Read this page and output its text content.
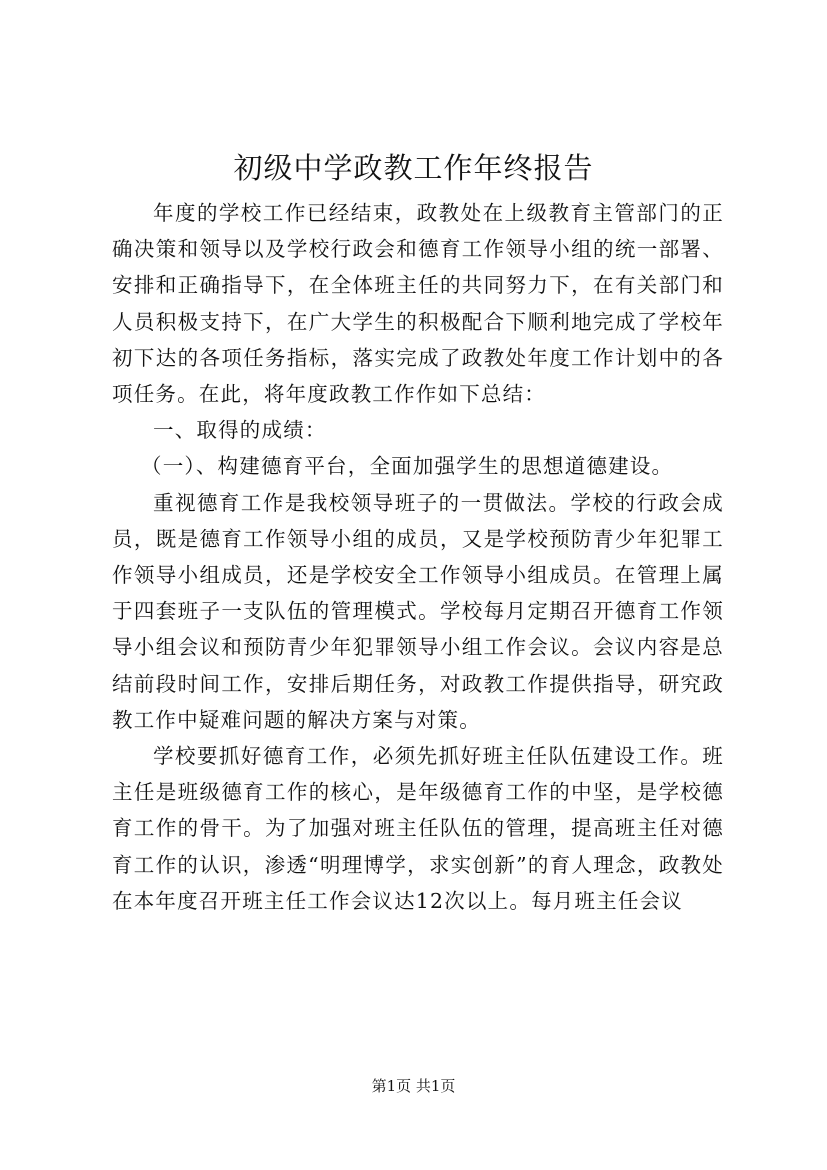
初级中学政教工作年终报告

年度的学校工作已经结束，政教处在上级教育主管部门的正确决策和领导以及学校行政会和德育工作领导小组的统一部署、安排和正确指导下，在全体班主任的共同努力下，在有关部门和人员积极支持下，在广大学生的积极配合下顺利地完成了学校年初下达的各项任务指标，落实完成了政教处年度工作计划中的各项任务。在此，将年度政教工作作如下总结：

一、取得的成绩：

（一）、构建德育平台，全面加强学生的思想道德建设。

重视德育工作是我校领导班子的一贯做法。学校的行政会成员，既是德育工作领导小组的成员，又是学校预防青少年犯罪工作领导小组成员，还是学校安全工作领导小组成员。在管理上属于四套班子一支队伍的管理模式。学校每月定期召开德育工作领导小组会议和预防青少年犯罪领导小组工作会议。会议内容是总结前段时间工作，安排后期任务，对政教工作提供指导，研究政教工作中疑难问题的解决方案与对策。

学校要抓好德育工作，必须先抓好班主任队伍建设工作。班主任是班级德育工作的核心，是年级德育工作的中坚，是学校德育工作的骨干。为了加强对班主任队伍的管理，提高班主任对德育工作的认识，渗透“明理博学，求实创新”的育人理念，政教处在本年度召开班主任工作会议达12次以上。每月班主任会议

第1页 共1页
